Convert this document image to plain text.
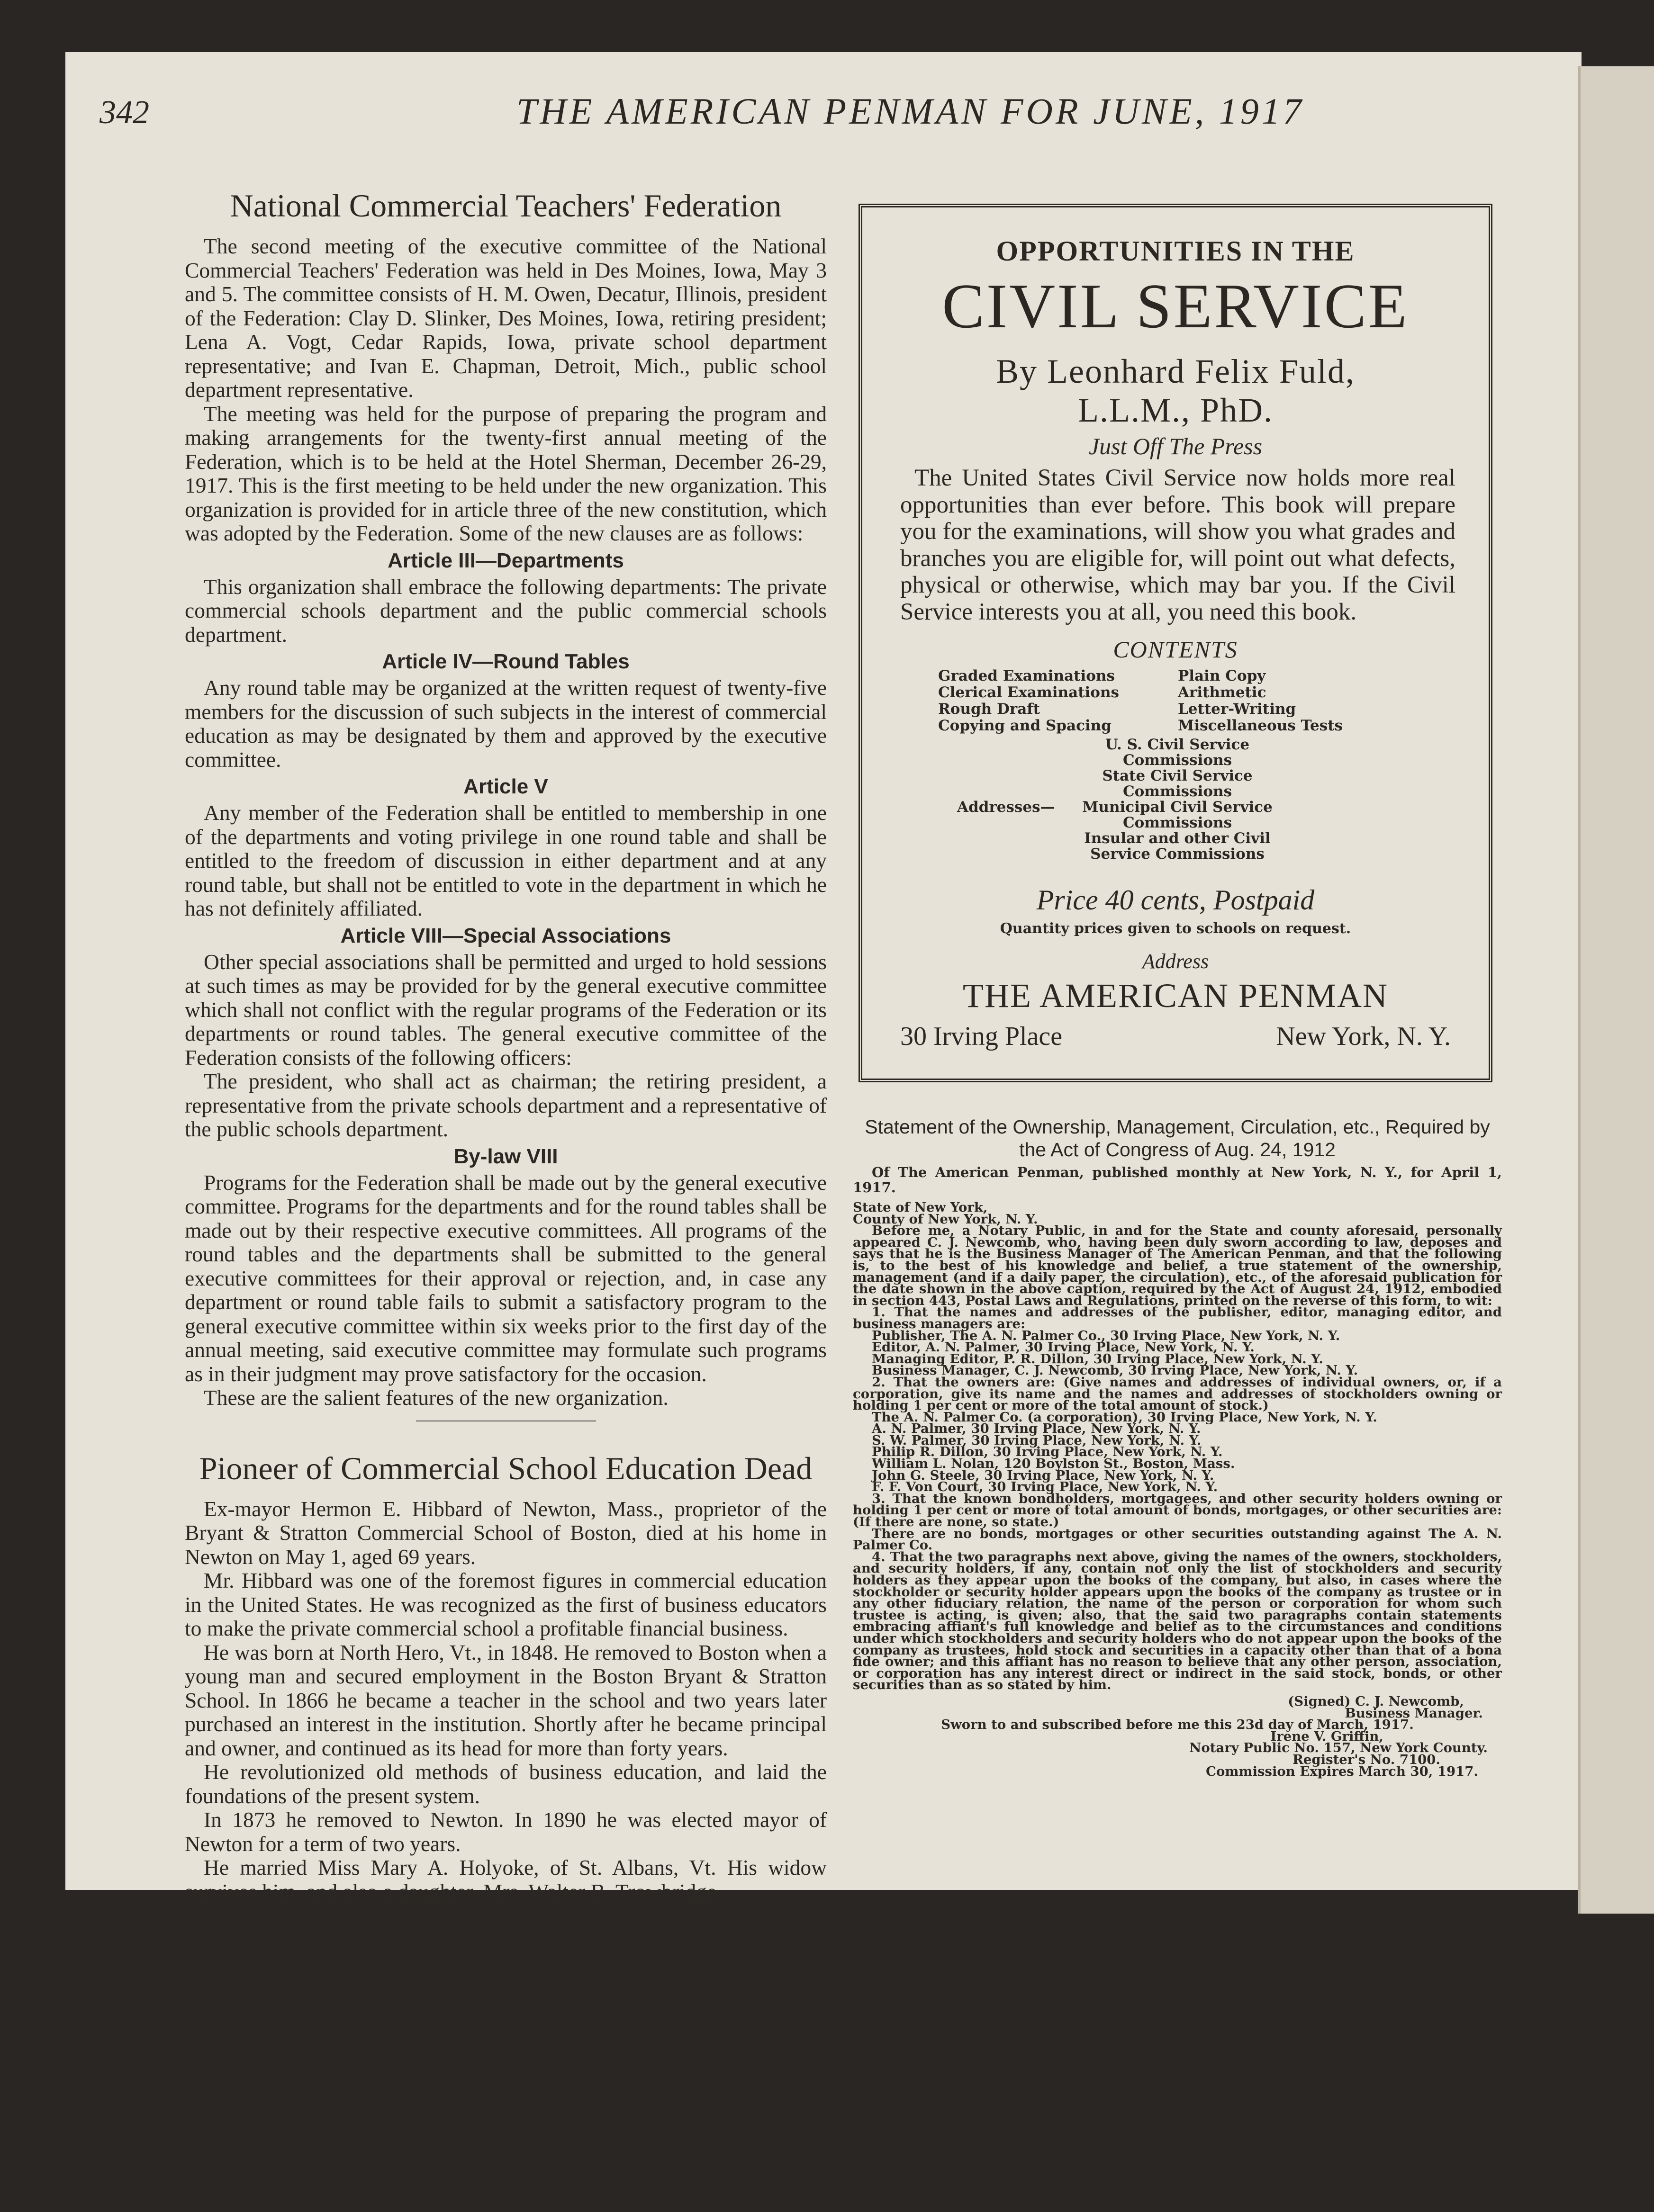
342	THE AMERICAN PENMAN FOR JUNE, 1917
National Commercial Teachers' Federation

The second meeting of the executive committee of the National Commercial Teachers' Federation was held in Des Moines, Iowa, May 3 and 5. The committee consists of H. M. Owen, Decatur, Illinois, president of the Federation: Clay D. Slinker, Des Moines, Iowa, retiring president; Lena A. Vogt, Cedar Rapids, Iowa, private school department representative; and Ivan E. Chapman, Detroit, Mich., public school department representative.

The meeting was held for the purpose of preparing the program and making arrangements for the twenty-first annual meeting of the Federation, which is to be held at the Hotel Sherman, December 26-29, 1917. This is the first meeting to be held under the new organization. This organization is provided for in article three of the new constitution, which was adopted by the Federation. Some of the new clauses are as follows:

Article III—Departments

This organization shall embrace the following departments: The private commercial schools department and the public commercial schools department.

Article IV—Round Tables

Any round table may be organized at the written request of twenty-five members for the discussion of such subjects in the interest of commercial education as may be designated by them and approved by the executive committee.

Article V

Any member of the Federation shall be entitled to membership in one of the departments and voting privilege in one round table and shall be entitled to the freedom of discussion in either department and at any round table, but shall not be entitled to vote in the department in which he has not definitely affiliated.

Article VIII—Special Associations

Other special associations shall be permitted and urged to hold sessions at such times as may be provided for by the general executive committee which shall not conflict with the regular programs of the Federation or its departments or round tables. The general executive committee of the Federation consists of the following officers:

The president, who shall act as chairman; the retiring president, a representative from the private schools department and a representative of the public schools department.

By-law VIII

Programs for the Federation shall be made out by the general executive committee. Programs for the departments and for the round tables shall be made out by their respective executive committees. All programs of the round tables and the departments shall be submitted to the general executive committees for their approval or rejection, and, in case any department or round table fails to submit a satisfactory program to the general executive committee within six weeks prior to the first day of the annual meeting, said executive committee may formulate such programs as in their judgment may prove satisfactory for the occasion.

These are the salient features of the new organization.

Pioneer of Commercial School Education Dead

Ex-mayor Hermon E. Hibbard of Newton, Mass., proprietor of the Bryant & Stratton Commercial School of Boston, died at his home in Newton on May 1, aged 69 years.

Mr. Hibbard was one of the foremost figures in commercial education in the United States. He was recognized as the first of business educators to make the private commercial school a profitable financial business.

He was born at North Hero, Vt., in 1848. He removed to Boston when a young man and secured employment in the Boston Bryant & Stratton School. In 1866 he became a teacher in the school and two years later purchased an interest in the institution. Shortly after he became principal and owner, and continued as its head for more than forty years.

He revolutionized old methods of business education, and laid the foundations of the present system.

In 1873 he removed to Newton. In 1890 he was elected mayor of Newton for a term of two years.

He married Miss Mary A. Holyoke, of St. Albans, Vt. His widow survives him, and also a daughter, Mrs. Walter B. Trowbridge.

OPPORTUNITIES IN THE
CIVIL SERVICE
By Leonhard Felix Fuld,
L.L.M., PhD.
Just Off The Press
The United States Civil Service now holds more real opportunities than ever before. This book will prepare you for the examinations, will show you what grades and branches you are eligible for, will point out what defects, physical or otherwise, which may bar you. If the Civil Service interests you at all, you need this book.
CONTENTS
Graded Examinations	Plain Copy
Clerical Examinations	Arithmetic
Rough Draft	Letter-Writing
Copying and Spacing	Miscellaneous Tests
Addresses—
U. S. Civil Service Commissions
State Civil Service Commissions
Municipal Civil Service Commissions
Insular and other Civil Service Commissions
Price 40 cents, Postpaid
Quantity prices given to schools on request.
Address
THE AMERICAN PENMAN
30 Irving Place	New York, N. Y.
Statement of the Ownership, Management, Circulation, etc., Required by the Act of Congress of Aug. 24, 1912
Of The American Penman, published monthly at New York, N. Y., for April 1, 1917.

State of New York,

County of New York, N. Y.

Before me, a Notary Public, in and for the State and county aforesaid, personally appeared C. J. Newcomb, who, having been duly sworn according to law, deposes and says that he is the Business Manager of The American Penman, and that the following is, to the best of his knowledge and belief, a true statement of the ownership, management (and if a daily paper, the circulation), etc., of the aforesaid publication for the date shown in the above caption, required by the Act of August 24, 1912, embodied in section 443, Postal Laws and Regulations, printed on the reverse of this form, to wit:

1. That the names and addresses of the publisher, editor, managing editor, and business managers are:

Publisher, The A. N. Palmer Co., 30 Irving Place, New York, N. Y.

Editor, A. N. Palmer, 30 Irving Place, New York, N. Y.

Managing Editor, P. R. Dillon, 30 Irving Place, New York, N. Y.

Business Manager, C. J. Newcomb, 30 Irving Place, New York, N. Y.

2. That the owners are: (Give names and addresses of individual owners, or, if a corporation, give its name and the names and addresses of stockholders owning or holding 1 per cent or more of the total amount of stock.)

The A. N. Palmer Co. (a corporation), 30 Irving Place, New York, N. Y.

A. N. Palmer, 30 Irving Place, New York, N. Y.

S. W. Palmer, 30 Irving Place, New York, N. Y.

Philip R. Dillon, 30 Irving Place, New York, N. Y.

William L. Nolan, 120 Boylston St., Boston, Mass.

John G. Steele, 30 Irving Place, New York, N. Y.

F. F. Von Court, 30 Irving Place, New York, N. Y.

3. That the known bondholders, mortgagees, and other security holders owning or holding 1 per cent or more of total amount of bonds, mortgages, or other securities are: (If there are none, so state.)

There are no bonds, mortgages or other securities outstanding against The A. N. Palmer Co.

4. That the two paragraphs next above, giving the names of the owners, stockholders, and security holders, if any, contain not only the list of stockholders and security holders as they appear upon the books of the company, but also, in cases where the stockholder or security holder appears upon the books of the company as trustee or in any other fiduciary relation, the name of the person or corporation for whom such trustee is acting, is given; also, that the said two paragraphs contain statements embracing affiant's full knowledge and belief as to the circumstances and conditions under which stockholders and security holders who do not appear upon the books of the company as trustees, hold stock and securities in a capacity other than that of a bona fide owner; and this affiant has no reason to believe that any other person, association, or corporation has any interest direct or indirect in the said stock, bonds, or other securities than as so stated by him.

(Signed) C. J. Newcomb,

Business Manager.

Sworn to and subscribed before me this 23d day of March, 1917.

Irene V. Griffin,

Notary Public No. 157, New York County.

Register's No. 7100.

Commission Expires March 30, 1917.
